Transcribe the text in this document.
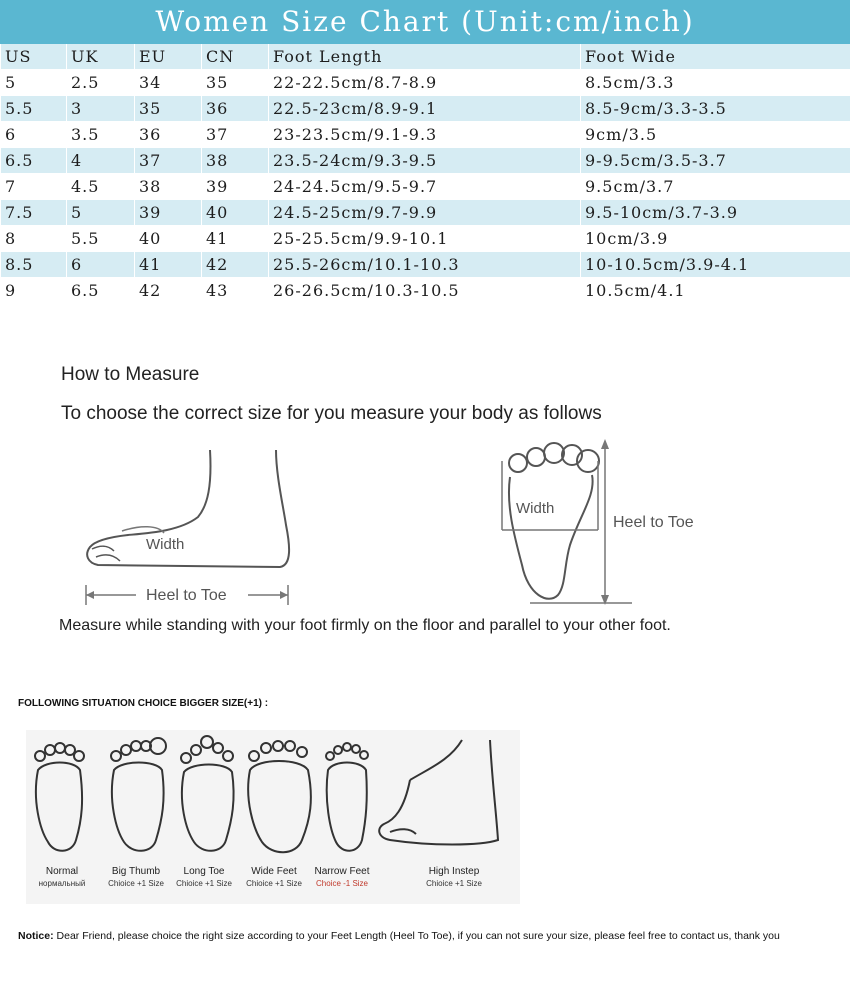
Women Size Chart (Unit:cm/inch)
US	UK	EU	CN	Foot Length	Foot Wide
5	2.5	34	35	22-22.5cm/8.7-8.9	8.5cm/3.3
5.5	3	35	36	22.5-23cm/8.9-9.1	8.5-9cm/3.3-3.5
6	3.5	36	37	23-23.5cm/9.1-9.3	9cm/3.5
6.5	4	37	38	23.5-24cm/9.3-9.5	9-9.5cm/3.5-3.7
7	4.5	38	39	24-24.5cm/9.5-9.7	9.5cm/3.7
7.5	5	39	40	24.5-25cm/9.7-9.9	9.5-10cm/3.7-3.9
8	5.5	40	41	25-25.5cm/9.9-10.1	10cm/3.9
8.5	6	41	42	25.5-26cm/10.1-10.3	10-10.5cm/3.9-4.1
9	6.5	42	43	26-26.5cm/10.3-10.5	10.5cm/4.1
How to Measure
To choose the correct size for you measure your body as follows
Width
Heel to Toe
Width
Heel to Toe
Measure while standing with your foot firmly on the floor and parallel to your other foot.
FOLLOWING SITUATION CHOICE BIGGER SIZE(+1) :
Normal
нормальный
Big Thumb
Chioice +1 Size
Long Toe
Chioice +1 Size
Wide Feet
Chioice +1 Size
Narrow Feet
Choice -1 Size
High Instep
Chioice +1 Size
Notice: Dear Friend, please choice the right size according to your Feet Length (Heel To Toe), if you can not sure your size, please feel free to contact us, thank you
